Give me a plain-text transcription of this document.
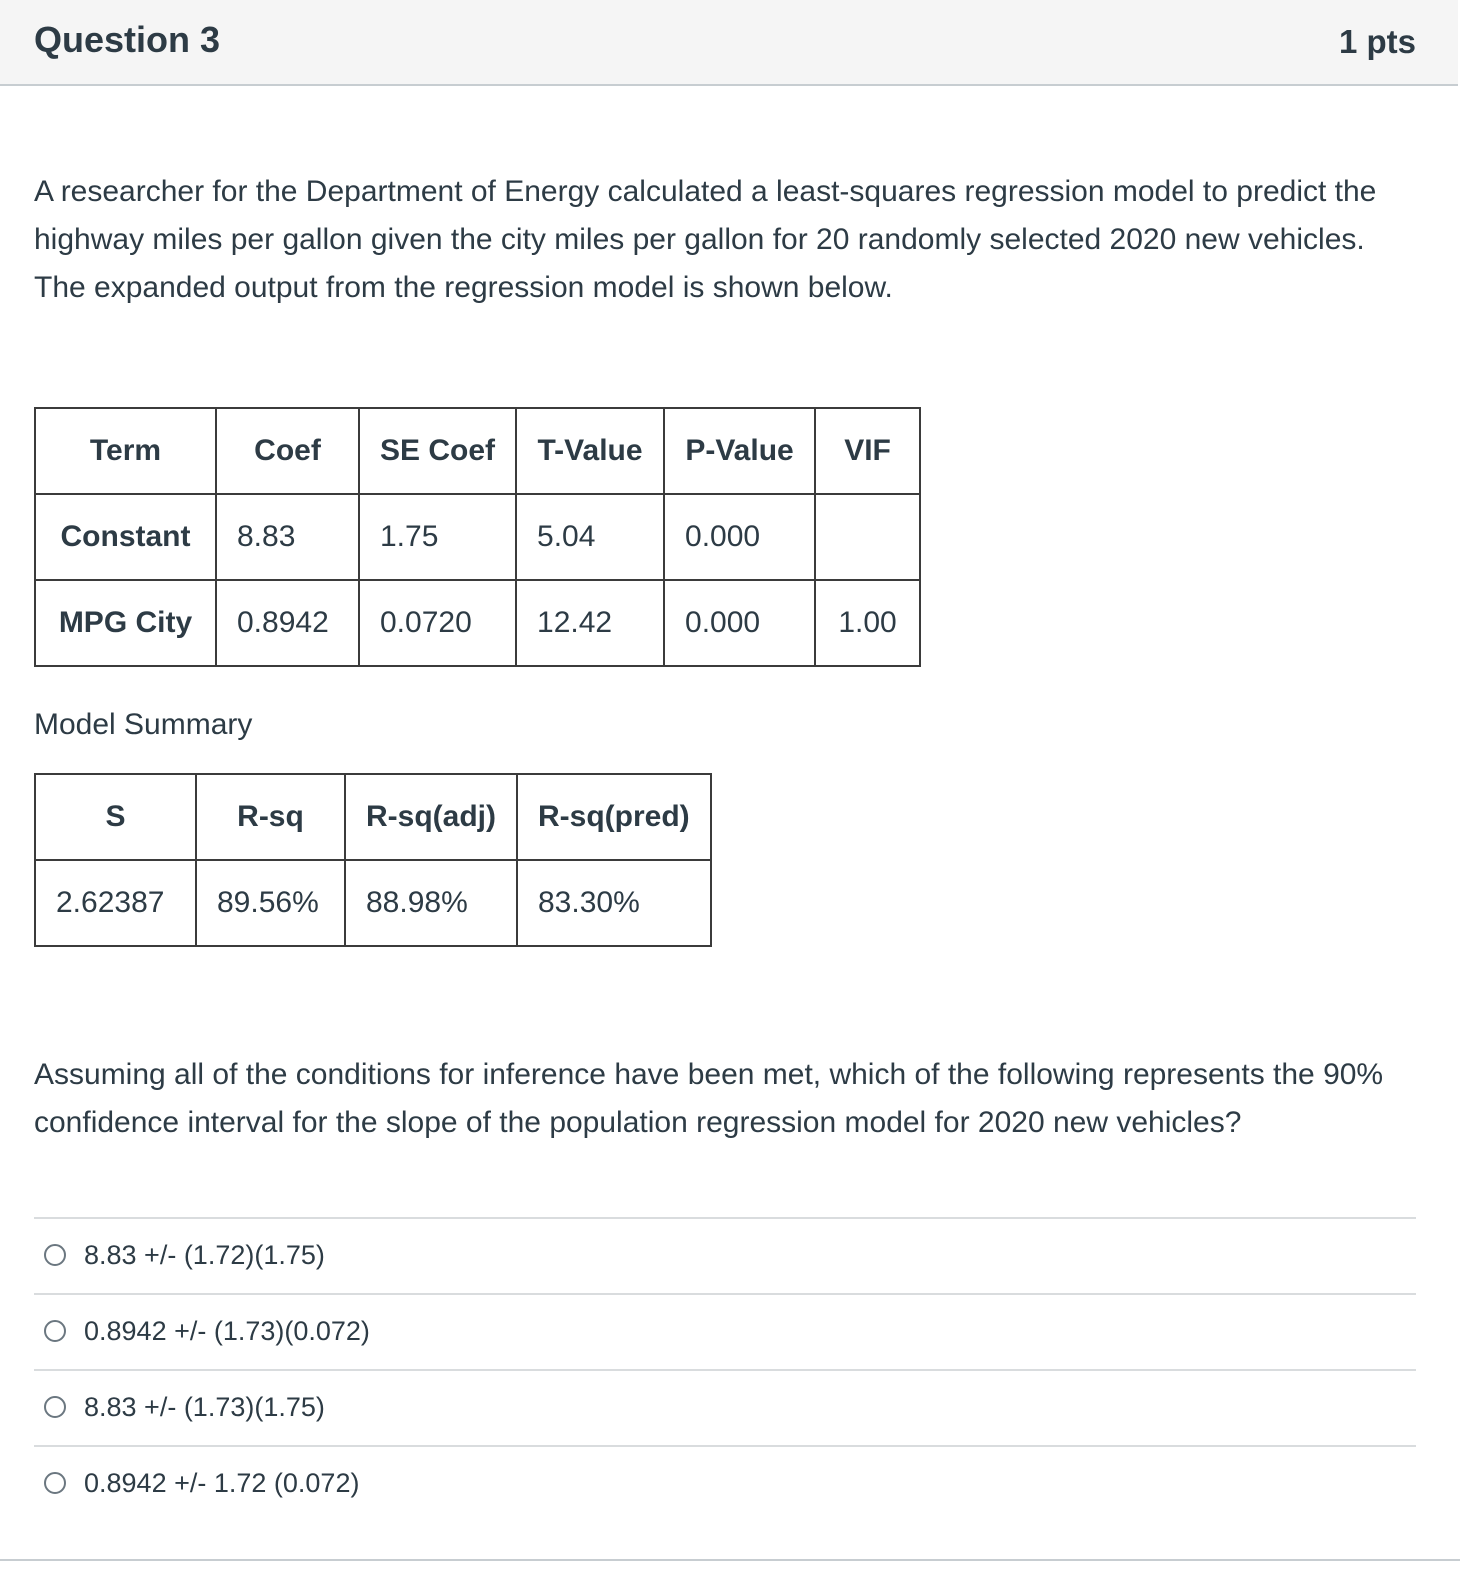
Question 3	1 pts

A researcher for the Department of Energy calculated a least-squares regression model to predict the highway miles per gallon given the city miles per gallon for 20 randomly selected 2020 new vehicles. The expanded output from the regression model is shown below.

Term	Coef	SE Coef	T-Value	P-Value	VIF
Constant	8.83	1.75	5.04	0.000	
MPG City	0.8942	0.0720	12.42	0.000	1.00
Model Summary
S	R-sq	R-sq(adj)	R-sq(pred)
2.62387	89.56%	88.98%	83.30%

Assuming all of the conditions for inference have been met, which of the following represents the 90% confidence interval for the slope of the population regression model for 2020 new vehicles?

8.83 +/- (1.72)(1.75)
0.8942 +/- (1.73)(0.072)
8.83 +/- (1.73)(1.75)
0.8942 +/- 1.72 (0.072)
